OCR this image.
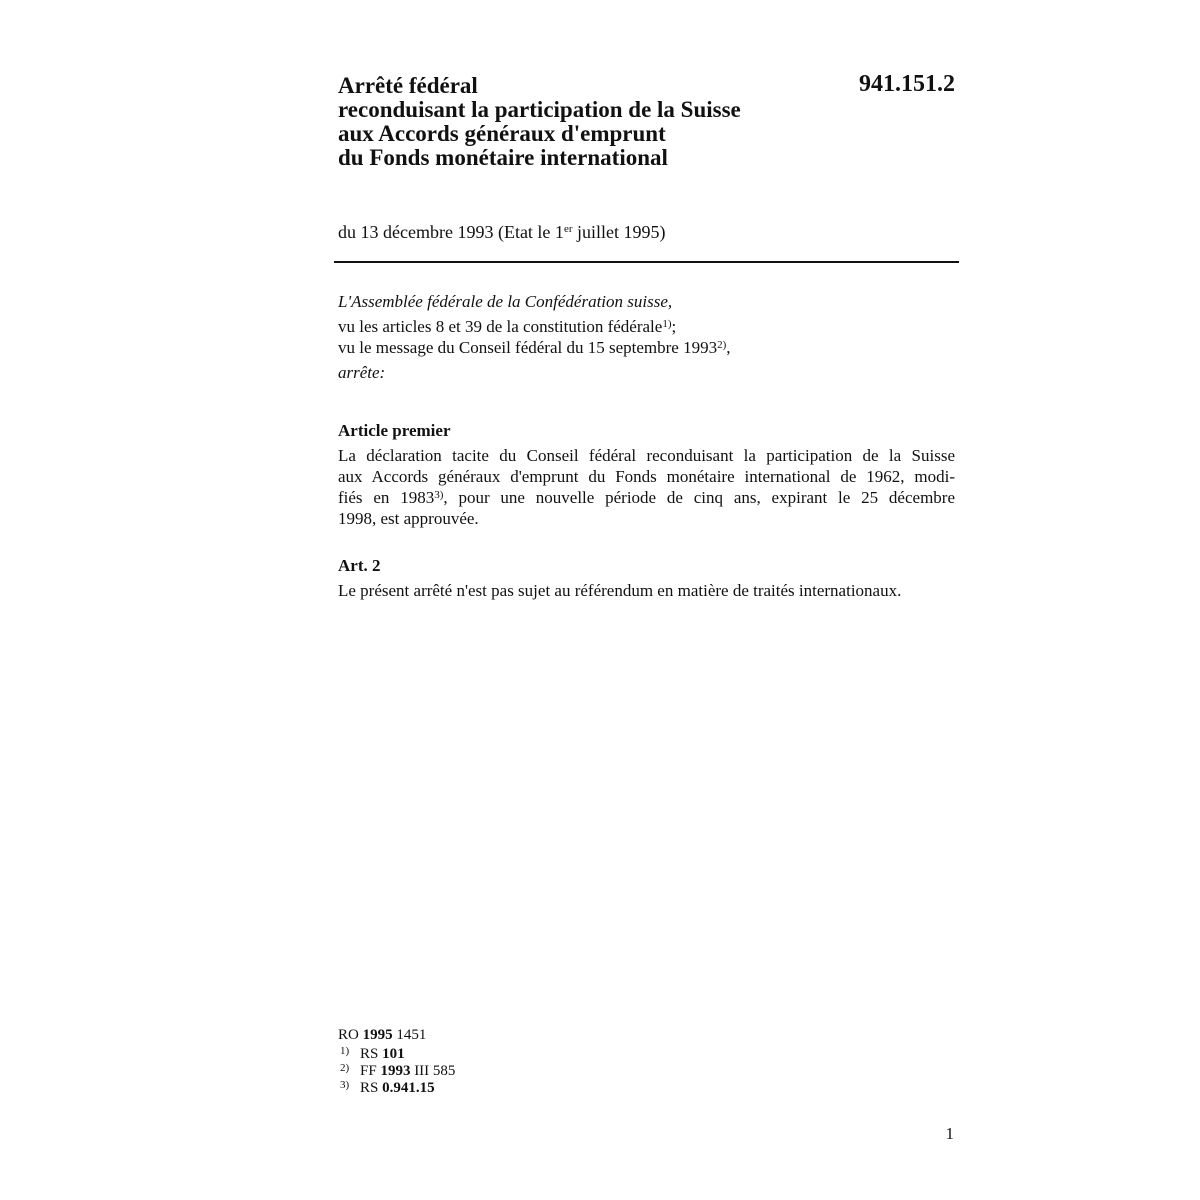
Arrêté fédéral
reconduisant la participation de la Suisse
aux Accords généraux d'emprunt
du Fonds monétaire international
941.151.2
du 13 décembre 1993 (Etat le 1er juillet 1995)
L'Assemblée fédérale de la Confédération suisse,
vu les articles 8 et 39 de la constitution fédérale$^{1)}$;
vu le message du Conseil fédéral du 15 septembre 1993$^{2)}$,
arrête:
Article premier
La déclaration tacite du Conseil fédéral reconduisant la participation de la Suisse
aux Accords généraux d'emprunt du Fonds monétaire international de 1962, modi-
fiés en 1983$^{3)}$, pour une nouvelle période de cinq ans, expirant le 25 décembre
1998, est approuvée.
Art. 2
Le présent arrêté n'est pas sujet au référendum en matière de traités internationaux.
RO 1995 1451
1) RS 101
2) FF 1993 III 585
3) RS 0.941.15
1
